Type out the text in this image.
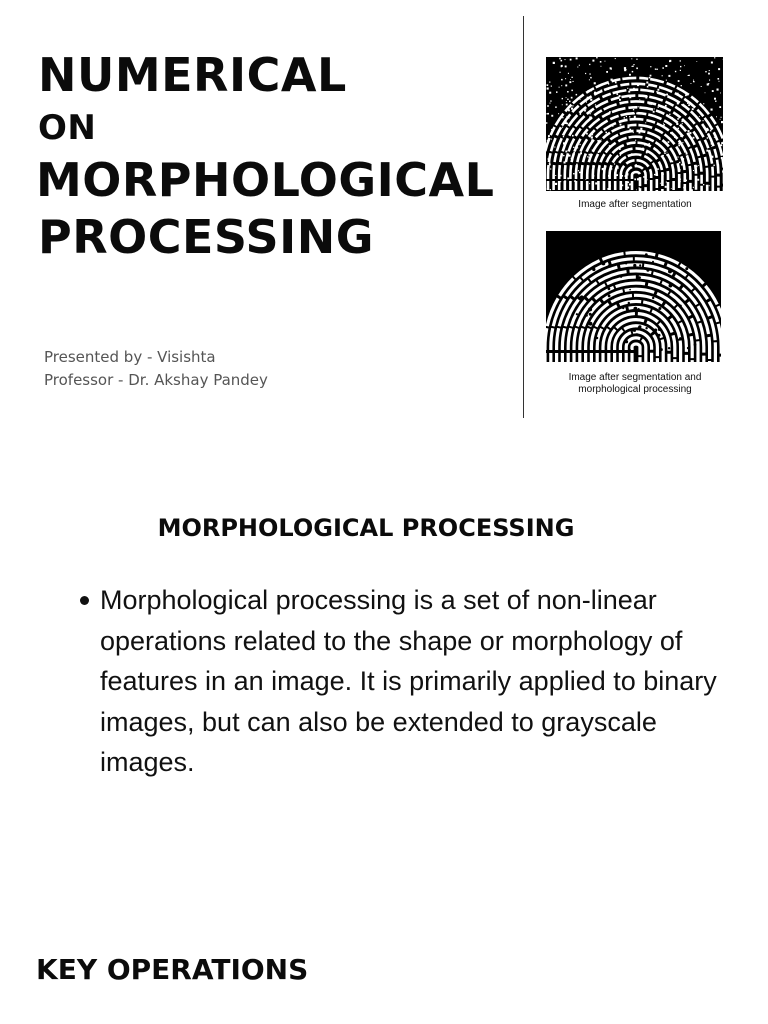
NUMERICAL
ON
MORPHOLOGICAL
PROCESSING
Presented by - Visishta
Professor - Dr. Akshay Pandey
Image after segmentation
Image after segmentation and morphological processing
MORPHOLOGICAL PROCESSING
Morphological processing is a set of non-linear operations related to the shape or morphology of features in an image. It is primarily applied to binary images, but can also be extended to grayscale images.
KEY OPERATIONS
